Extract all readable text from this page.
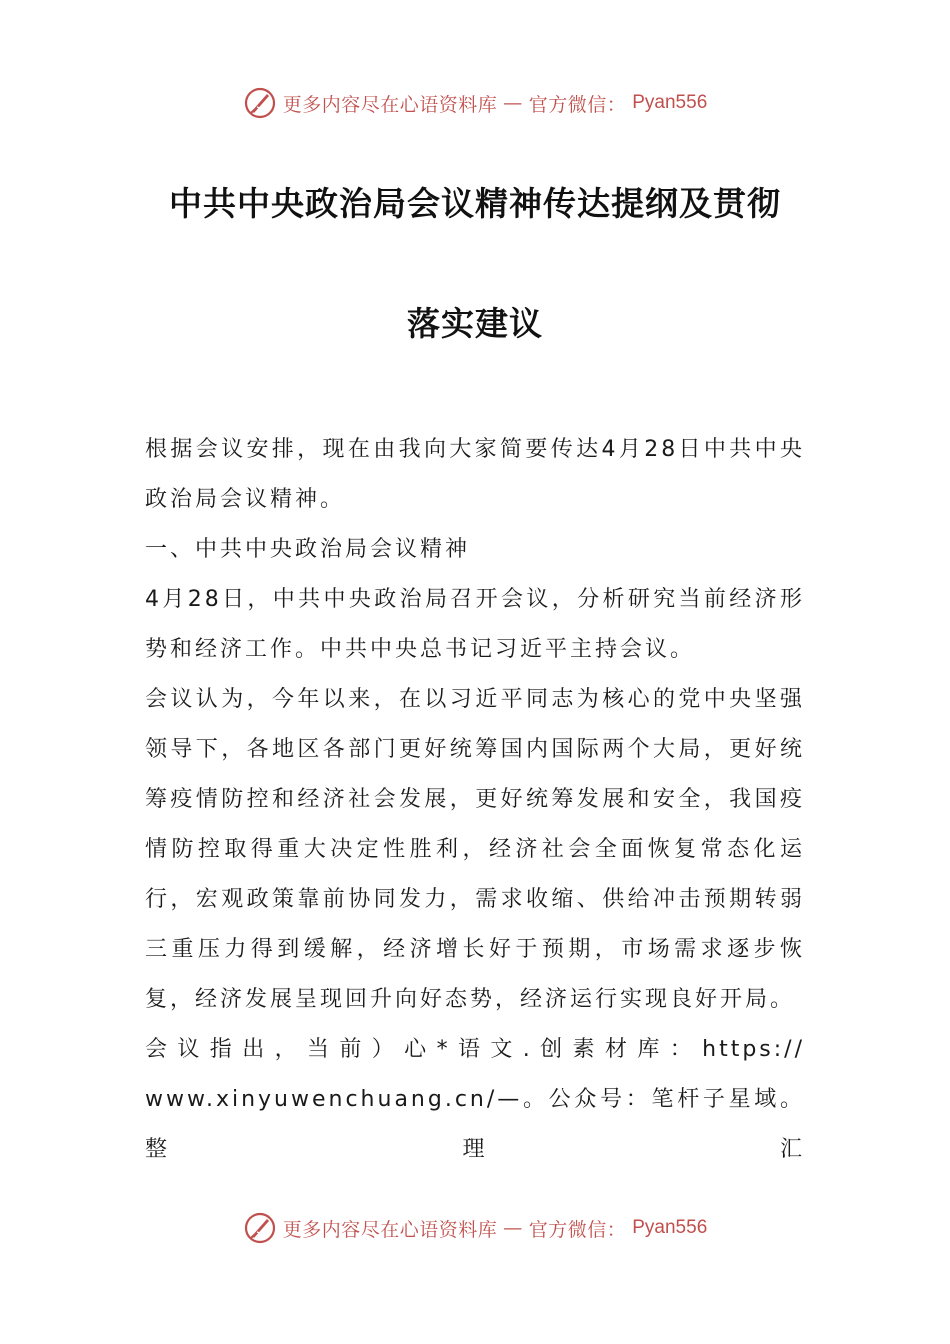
更多内容尽在心语资料库 — 官方微信： Pyan556
中共中央政治局会议精神传达提纲及贯彻
落实建议

根据会议安排，现在由我向大家简要传达4月28日中共中央政治局会议精神。

一、中共中央政治局会议精神

4月28日，中共中央政治局召开会议，分析研究当前经济形势和经济工作。中共中央总书记习近平主持会议。

会议认为，今年以来，在以习近平同志为核心的党中央坚强领导下，各地区各部门更好统筹国内国际两个大局，更好统筹疫情防控和经济社会发展，更好统筹发展和安全，我国疫情防控取得重大决定性胜利，经济社会全面恢复常态化运行，宏观政策靠前协同发力，需求收缩、供给冲击预期转弱三重压力得到缓解，经济增长好于预期，市场需求逐步恢复，经济发展呈现回升向好态势，经济运行实现良好开局。

会议指出，当前）心*语文.创素材库：https://

www.xinyuwenchuang.cn/—。公众号：笔杆子星域。整理汇

更多内容尽在心语资料库 — 官方微信： Pyan556
